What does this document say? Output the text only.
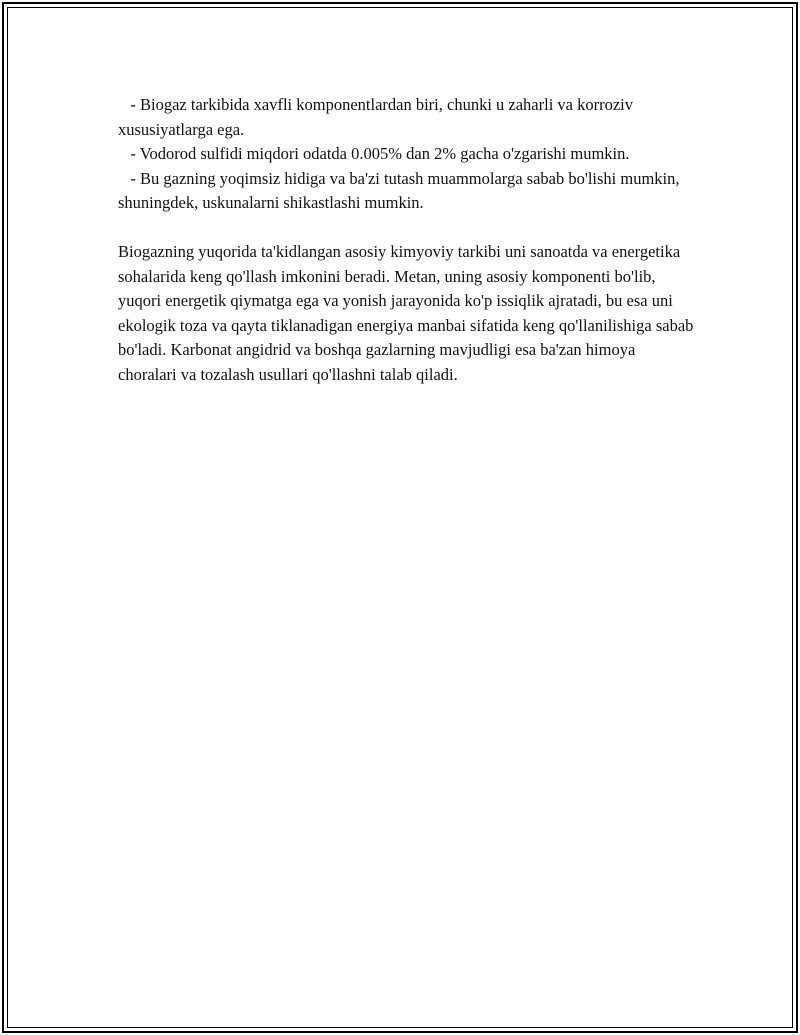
- Biogaz tarkibida xavfli komponentlardan biri, chunki u zaharli va korroziv xususiyatlarga ega.

- Vodorod sulfidi miqdori odatda 0.005% dan 2% gacha o'zgarishi mumkin.

- Bu gazning yoqimsiz hidiga va ba'zi tutash muammolarga sabab bo'lishi mumkin, shuningdek, uskunalarni shikastlashi mumkin.

Biogazning yuqorida ta'kidlangan asosiy kimyoviy tarkibi uni sanoatda va energetika sohalarida keng qo'llash imkonini beradi. Metan, uning asosiy komponenti bo'lib, yuqori energetik qiymatga ega va yonish jarayonida ko'p issiqlik ajratadi, bu esa uni ekologik toza va qayta tiklanadigan energiya manbai sifatida keng qo'llanilishiga sabab bo'ladi. Karbonat angidrid va boshqa gazlarning mavjudligi esa ba'zan himoya choralari va tozalash usullari qo'llashni talab qiladi.
